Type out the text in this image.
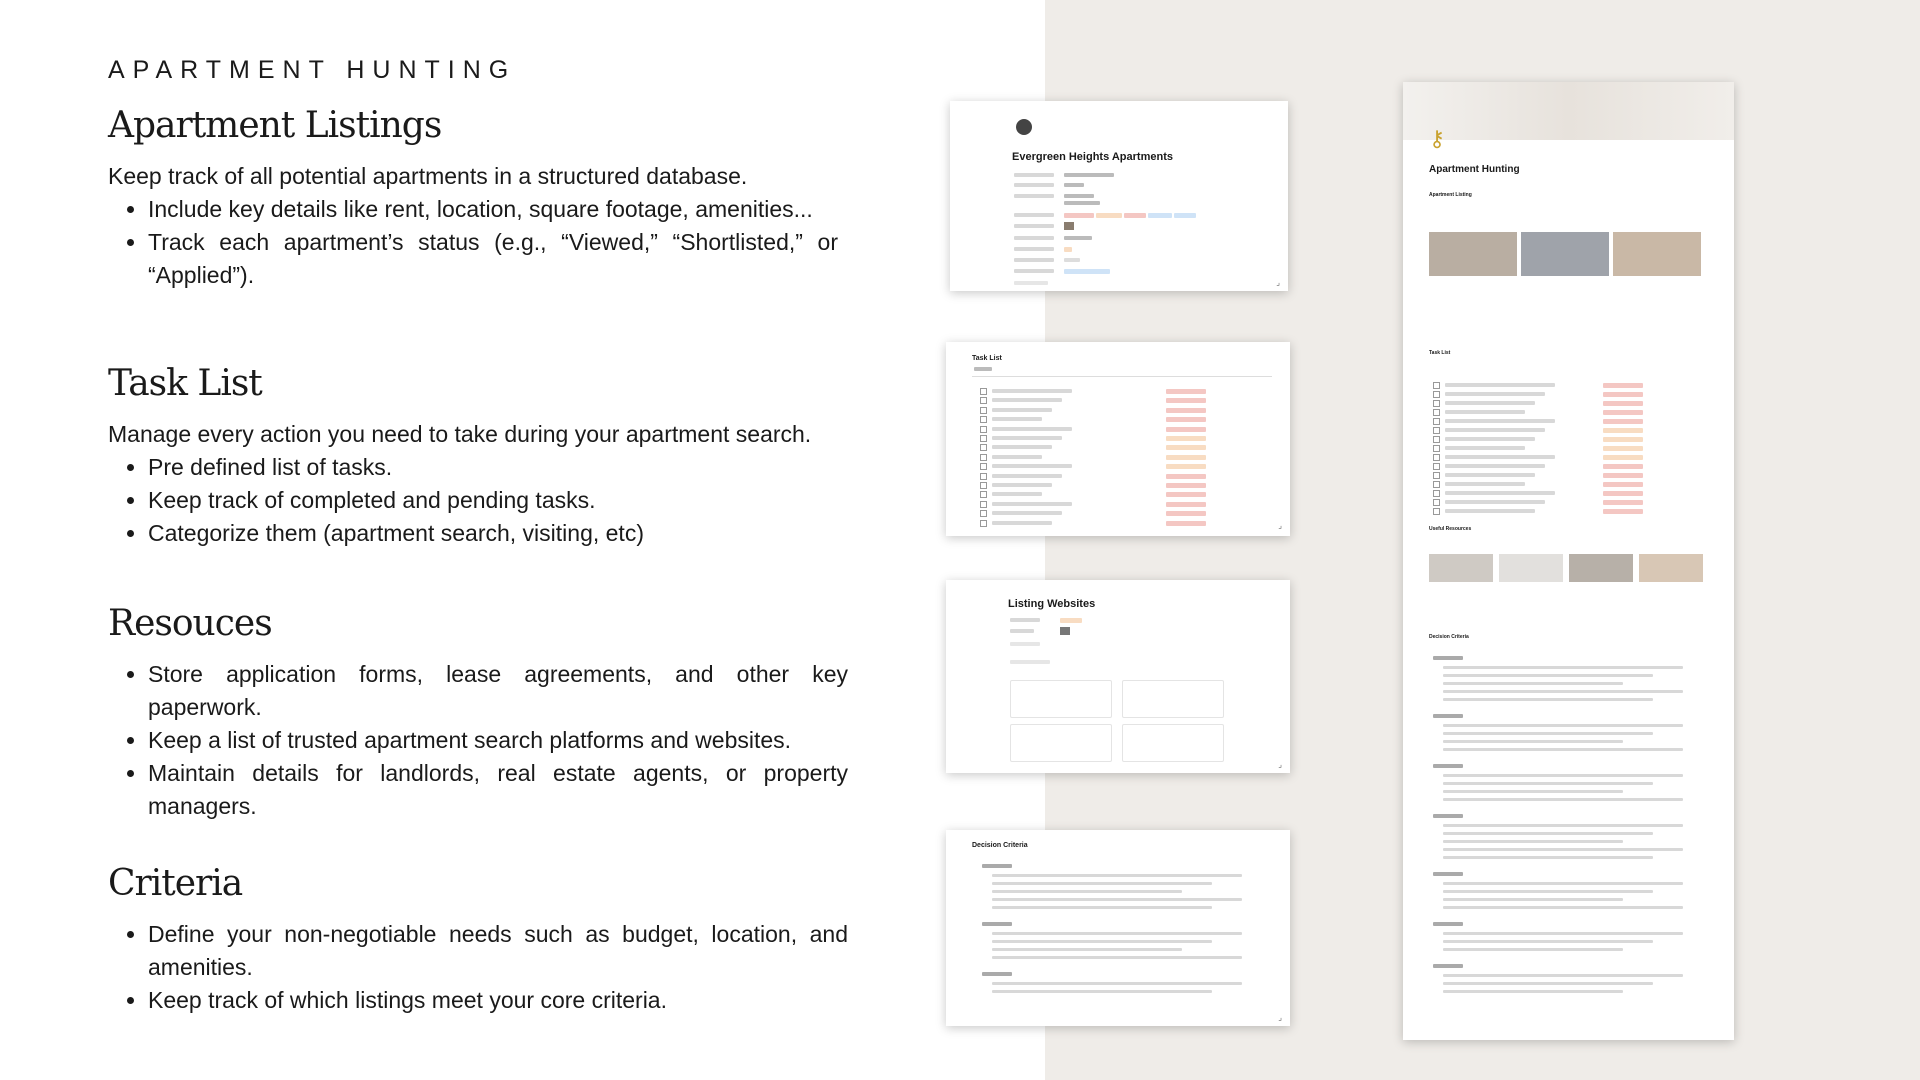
APARTMENT HUNTING
Apartment Listings

Keep track of all potential apartments in a structured database.

• Include key details like rent, location, square footage, amenities...
• Track each apartment’s status (e.g., “Viewed,” “Shortlisted,” or “Applied”).
Task List

Manage every action you need to take during your apartment search.

• Pre defined list of tasks.
• Keep track of completed and pending tasks.
• Categorize them (apartment search, visiting, etc)
Resouces
• Store application forms, lease agreements, and other key paperwork.
• Keep a list of trusted apartment search platforms and websites.
• Maintain details for landlords, real estate agents, or property managers.
Criteria
• Define your non-negotiable needs such as budget, location, and amenities.
• Keep track of which listings meet your core criteria.
Evergreen Heights Apartments
⌟
Task List
⌟
Listing Websites
⌟
Decision Criteria
⌟
⚷
Apartment Hunting
Apartment Listing
Task List
Useful Resources
Decision Criteria
